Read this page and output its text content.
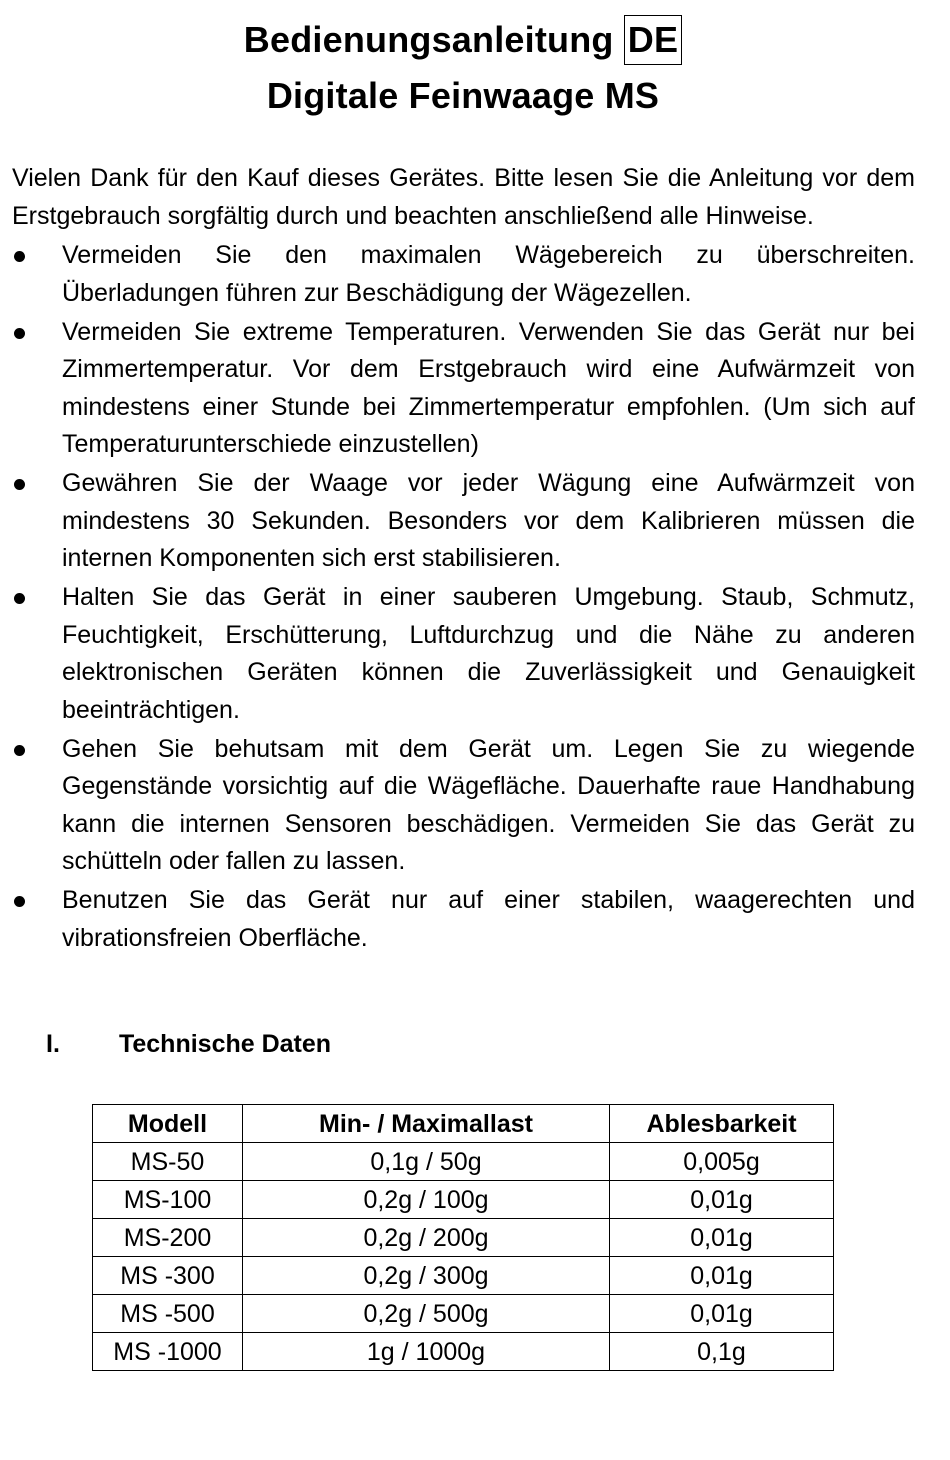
Bedienungsanleitung DE
Digitale Feinwaage MS

Vielen Dank für den Kauf dieses Gerätes. Bitte lesen Sie die Anleitung vor dem Erstgebrauch sorgfältig durch und beachten anschließend alle Hinweise.

Vermeiden Sie den maximalen Wägebereich zu überschreiten. Überladungen führen zur Beschädigung der Wägezellen.
Vermeiden Sie extreme Temperaturen. Verwenden Sie das Gerät nur bei Zimmertemperatur. Vor dem Erstgebrauch wird eine Aufwärmzeit von mindestens einer Stunde bei Zimmertemperatur empfohlen. (Um sich auf Temperaturunterschiede einzustellen)
Gewähren Sie der Waage vor jeder Wägung eine Aufwärmzeit von mindestens 30 Sekunden. Besonders vor dem Kalibrieren müssen die internen Komponenten sich erst stabilisieren.
Halten Sie das Gerät in einer sauberen Umgebung. Staub, Schmutz, Feuchtigkeit, Erschütterung, Luftdurchzug und die Nähe zu anderen elektronischen Geräten können die Zuverlässigkeit und Genauigkeit beeinträchtigen.
Gehen Sie behutsam mit dem Gerät um. Legen Sie zu wiegende Gegenstände vorsichtig auf die Wägefläche. Dauerhafte raue Handhabung kann die internen Sensoren beschädigen. Vermeiden Sie das Gerät zu schütteln oder fallen zu lassen.
Benutzen Sie das Gerät nur auf einer stabilen, waagerechten und vibrationsfreien Oberfläche.
I. Technische Daten
Modell	Min- / Maximallast	Ablesbarkeit
MS-50	0,1g / 50g	0,005g
MS-100	0,2g / 100g	0,01g
MS-200	0,2g / 200g	0,01g
MS -300	0,2g / 300g	0,01g
MS -500	0,2g / 500g	0,01g
MS -1000	1g / 1000g	0,1g
